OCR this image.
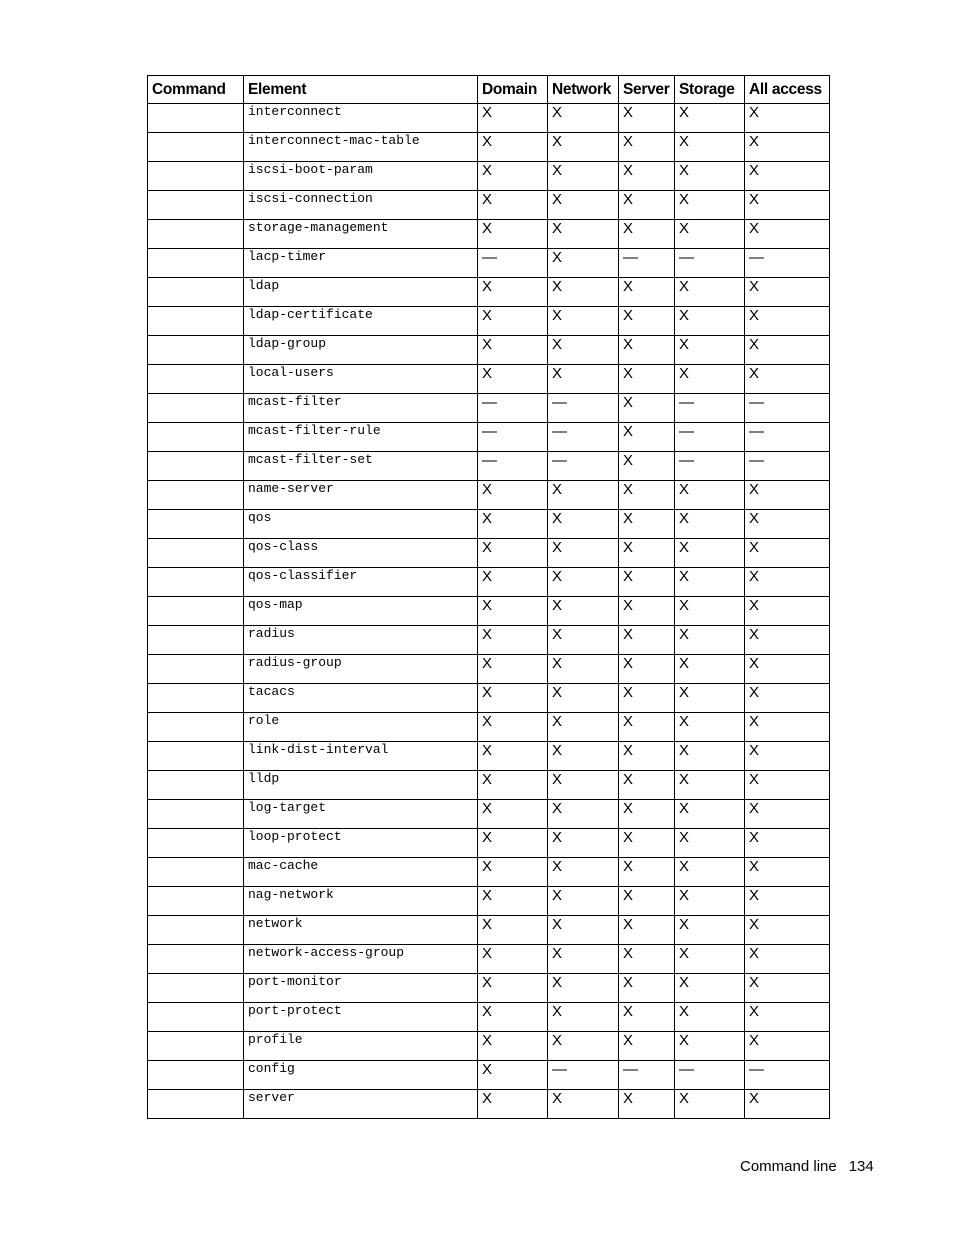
Command	Element	Domain	Network	Server	Storage	All access
	interconnect	X	X	X	X	X
	interconnect-mac-table	X	X	X	X	X
	iscsi-boot-param	X	X	X	X	X
	iscsi-connection	X	X	X	X	X
	storage-management	X	X	X	X	X
	lacp-timer	—	X	—	—	—
	ldap	X	X	X	X	X
	ldap-certificate	X	X	X	X	X
	ldap-group	X	X	X	X	X
	local-users	X	X	X	X	X
	mcast-filter	—	—	X	—	—
	mcast-filter-rule	—	—	X	—	—
	mcast-filter-set	—	—	X	—	—
	name-server	X	X	X	X	X
	qos	X	X	X	X	X
	qos-class	X	X	X	X	X
	qos-classifier	X	X	X	X	X
	qos-map	X	X	X	X	X
	radius	X	X	X	X	X
	radius-group	X	X	X	X	X
	tacacs	X	X	X	X	X
	role	X	X	X	X	X
	link-dist-interval	X	X	X	X	X
	lldp	X	X	X	X	X
	log-target	X	X	X	X	X
	loop-protect	X	X	X	X	X
	mac-cache	X	X	X	X	X
	nag-network	X	X	X	X	X
	network	X	X	X	X	X
	network-access-group	X	X	X	X	X
	port-monitor	X	X	X	X	X
	port-protect	X	X	X	X	X
	profile	X	X	X	X	X
	config	X	—	—	—	—
	server	X	X	X	X	X
Command line 134
